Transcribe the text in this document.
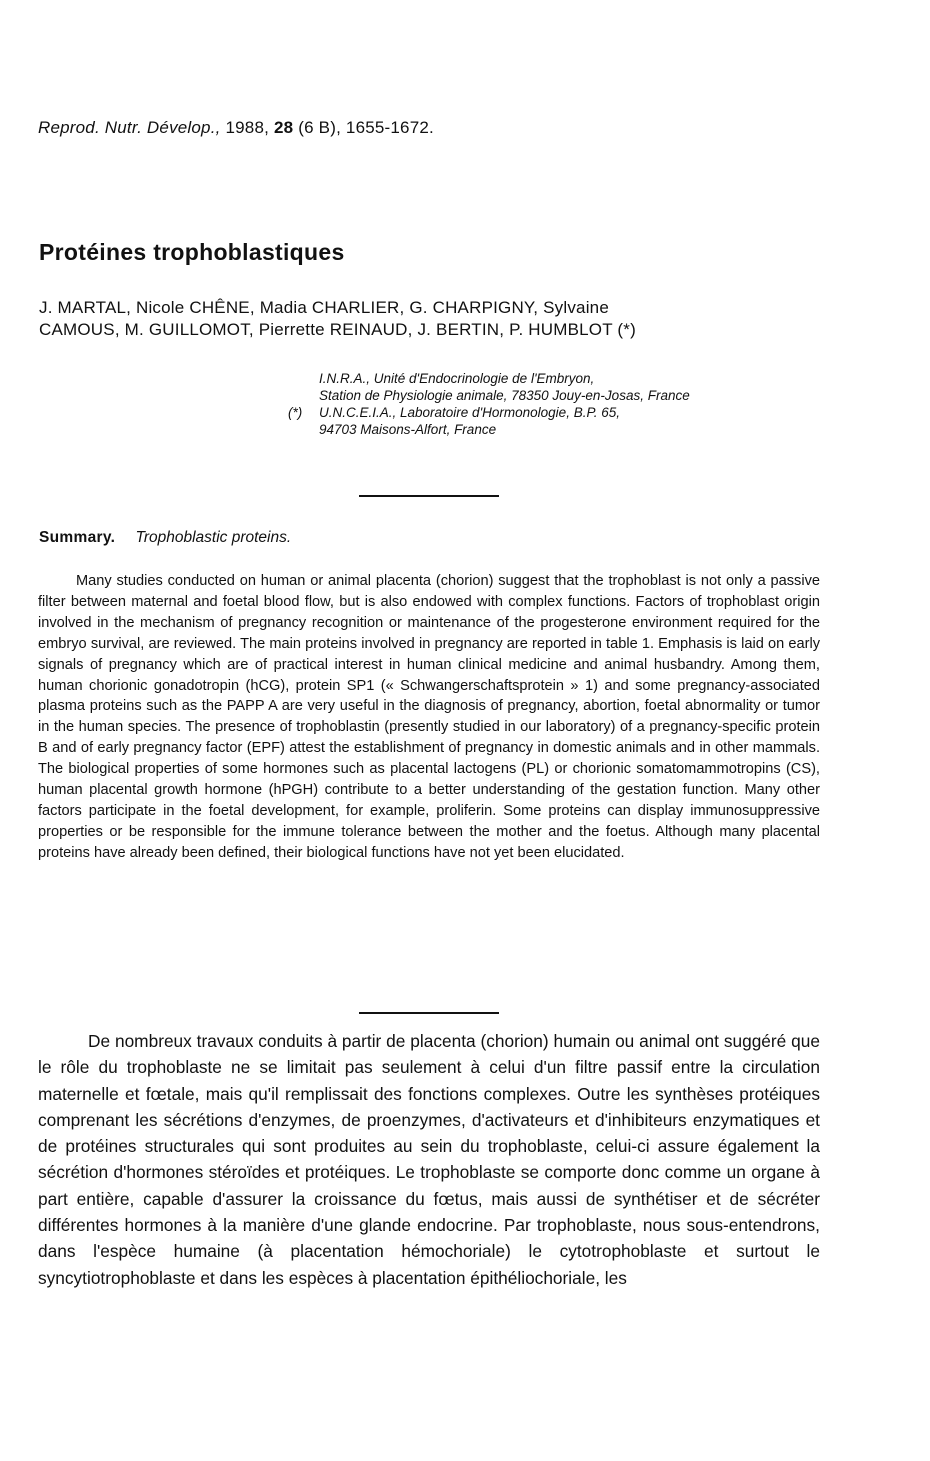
Reprod. Nutr. Dévelop., 1988, 28 (6 B), 1655-1672.
Protéines trophoblastiques
J. MARTAL, Nicole CHÊNE, Madia CHARLIER, G. CHARPIGNY, Sylvaine
CAMOUS, M. GUILLOMOT, Pierrette REINAUD, J. BERTIN, P. HUMBLOT (*)
I.N.R.A., Unité d'Endocrinologie de l'Embryon,
Station de Physiologie animale, 78350 Jouy-en-Josas, France
(*) U.N.C.E.I.A., Laboratoire d'Hormonologie, B.P. 65,
94703 Maisons-Alfort, France
Summary. Trophoblastic proteins.

Many studies conducted on human or animal placenta (chorion) suggest that the trophoblast is not only a passive filter between maternal and foetal blood flow, but is also endowed with complex functions. Factors of trophoblast origin involved in the mechanism of pregnancy recognition or maintenance of the progesterone environment required for the embryo survival, are reviewed. The main proteins involved in pregnancy are reported in table 1. Emphasis is laid on early signals of pregnancy which are of practical interest in human clinical medicine and animal husbandry. Among them, human chorionic gonadotropin (hCG), protein SP1 (« Schwangerschaftsprotein » 1) and some pregnancy-associated plasma proteins such as the PAPP A are very useful in the diagnosis of pregnancy, abortion, foetal abnormality or tumor in the human species. The presence of trophoblastin (presently studied in our laboratory) of a pregnancy-specific protein B and of early pregnancy factor (EPF) attest the establishment of pregnancy in domestic animals and in other mammals. The biological properties of some hormones such as placental lactogens (PL) or chorionic somatomammotropins (CS), human placental growth hormone (hPGH) contribute to a better understanding of the gestation function. Many other factors participate in the foetal development, for example, proliferin. Some proteins can display immunosuppressive properties or be responsible for the immune tolerance between the mother and the foetus. Although many placental proteins have already been defined, their biological functions have not yet been elucidated.

De nombreux travaux conduits à partir de placenta (chorion) humain ou animal ont suggéré que le rôle du trophoblaste ne se limitait pas seulement à celui d'un filtre passif entre la circulation maternelle et fœtale, mais qu'il remplissait des fonctions complexes. Outre les synthèses protéiques comprenant les sécrétions d'enzymes, de proenzymes, d'activateurs et d'inhibiteurs enzymatiques et de protéines structurales qui sont produites au sein du trophoblaste, celui-ci assure également la sécrétion d'hormones stéroïdes et protéiques. Le trophoblaste se comporte donc comme un organe à part entière, capable d'assurer la croissance du fœtus, mais aussi de synthétiser et de sécréter différentes hormones à la manière d'une glande endocrine. Par trophoblaste, nous sous-entendrons, dans l'espèce humaine (à placentation hémochoriale) le cytotrophoblaste et surtout le syncytiotrophoblaste et dans les espèces à placentation épithéliochoriale, les
